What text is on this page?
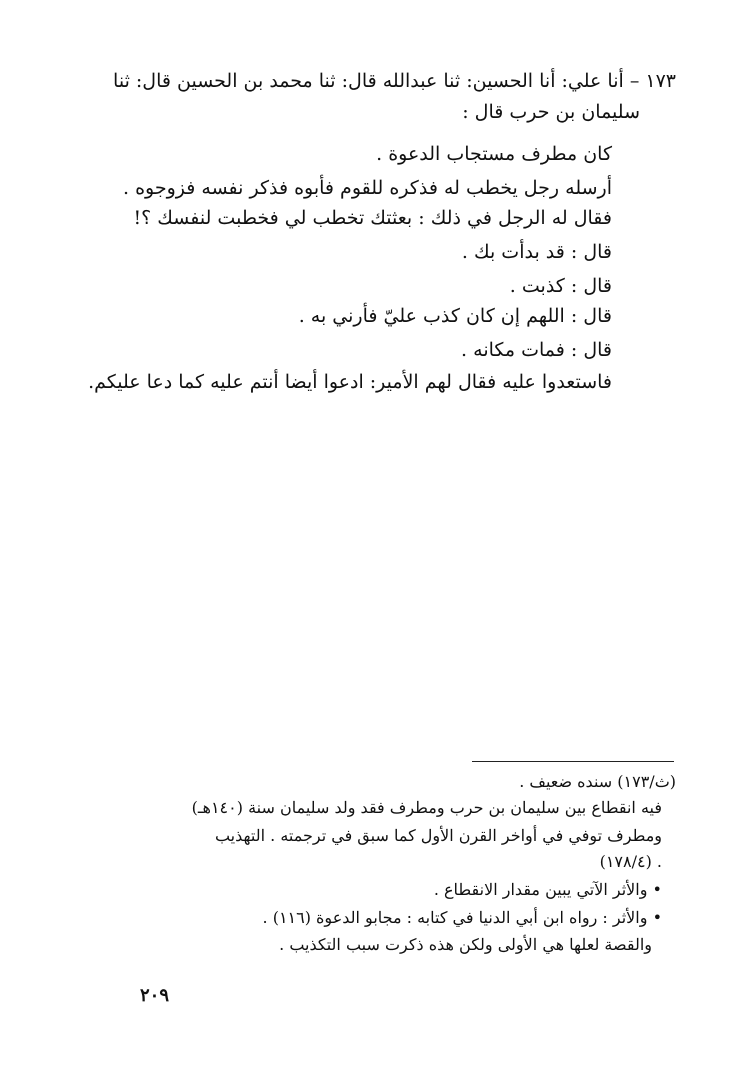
١٧٣ – أنا علي: أنا الحسين: ثنا عبدالله قال: ثنا محمد بن الحسين قال: ثنا
سليمان بن حرب قال :
كان مطرف مستجاب الدعوة .
أرسله رجل يخطب له فذكره للقوم فأبوه فذكر نفسه فزوجوه .
فقال له الرجل في ذلك : بعثتك تخطب لي فخطبت لنفسك ؟!
قال : قد بدأت بك .
قال : كذبت .
قال : اللهم إن كان كذب عليّ فأرني به .
قال : فمات مكانه .
فاستعدوا عليه فقال لهم الأمير: ادعوا أيضا أنتم عليه كما دعا عليكم.
(ث/١٧٣) سنده ضعيف .
فيه انقطاع بين سليمان بن حرب ومطرف فقد ولد سليمان سنة (١٤٠هـ)
ومطرف توفي في أواخر القرن الأول كما سبق في ترجمته . التهذيب
(١٧٨/٤) .
• والأثر الآتي يبين مقدار الانقطاع .
• والأثر : رواه ابن أبي الدنيا في كتابه : مجابو الدعوة (١١٦) .
والقصة لعلها هي الأولى ولكن هذه ذكرت سبب التكذيب .
٢٠٩
